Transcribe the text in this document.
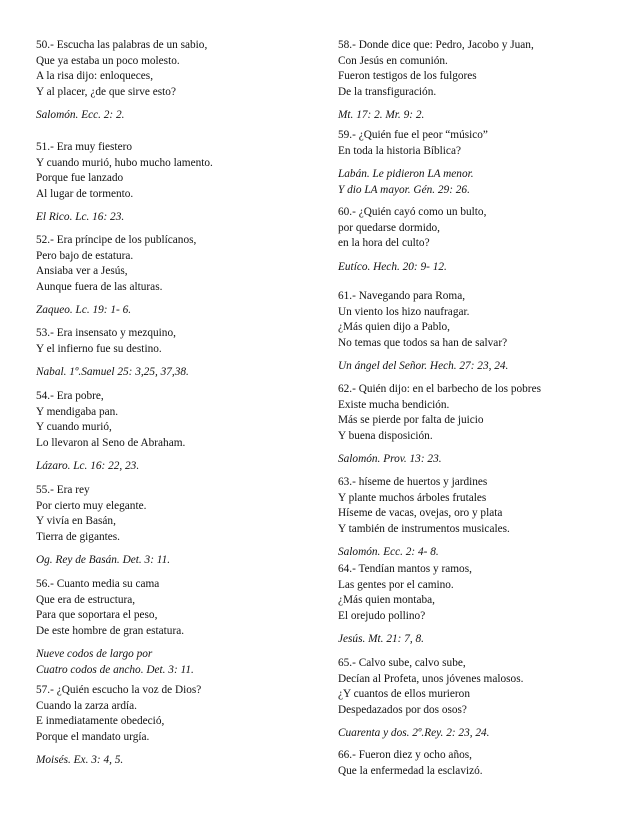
50.- Escucha las palabras de un sabio,
Que ya estaba un poco molesto.
A la risa dijo: enloqueces,
Y al placer, ¿de que sirve esto?
Salomón. Ecc. 2: 2.
51.- Era muy fiestero
Y cuando murió, hubo mucho lamento.
Porque fue lanzado
Al lugar de tormento.
El Rico. Lc. 16: 23.
52.- Era príncipe de los publícanos,
Pero bajo de estatura.
Ansiaba ver a Jesús,
Aunque fuera de las alturas.
Zaqueo. Lc. 19: 1- 6.
53.- Era insensato y mezquino,
Y el infierno fue su destino.
Nabal. 1º.Samuel 25: 3,25, 37,38.
54.- Era pobre,
Y mendigaba pan.
Y cuando murió,
Lo llevaron al Seno de Abraham.
Lázaro. Lc. 16: 22, 23.
55.- Era rey
Por cierto muy elegante.
Y vivía en Basán,
Tierra de gigantes.
Og. Rey de Basán. Det. 3: 11.
56.- Cuanto media su cama
Que era de estructura,
Para que soportara el peso,
De este hombre de gran estatura.
Nueve codos de largo por
Cuatro codos de ancho. Det. 3: 11.
57.- ¿Quién escucho la voz de Dios?
Cuando la zarza ardía.
E inmediatamente obedeció,
Porque el mandato urgía.
Moisés. Ex. 3: 4, 5.
58.- Donde dice que: Pedro, Jacobo y Juan,
Con Jesús en comunión.
Fueron testigos de los fulgores
De la transfiguración.
Mt. 17: 2. Mr. 9: 2.
59.- ¿Quién fue el peor “músico”
En toda la historia Bíblica?
Labán. Le pidieron LA menor.
Y dio LA mayor. Gén. 29: 26.
60.- ¿Quién cayó como un bulto,
por quedarse dormido,
en la hora del culto?
Eutíco. Hech. 20: 9- 12.
61.- Navegando para Roma,
Un viento los hizo naufragar.
¿Más quien dijo a Pablo,
No temas que todos sa han de salvar?
Un ángel del Señor. Hech. 27: 23, 24.
62.- Quién dijo: en el barbecho de los pobres
Existe mucha bendición.
Más se pierde por falta de juicio
Y buena disposición.
Salomón. Prov. 13: 23.
63.- híseme de huertos y jardines
Y plante muchos árboles frutales
Híseme de vacas, ovejas, oro y plata
Y también de instrumentos musicales.
Salomón. Ecc. 2: 4- 8.
64.- Tendían mantos y ramos,
Las gentes por el camino.
¿Más quien montaba,
El orejudo pollino?
Jesús. Mt. 21: 7, 8.
65.- Calvo sube, calvo sube,
Decían al Profeta, unos jóvenes malosos.
¿Y cuantos de ellos murieron
Despedazados por dos osos?
Cuarenta y dos. 2º.Rey. 2: 23, 24.
66.- Fueron diez y ocho años,
Que la enfermedad la esclavizó.
